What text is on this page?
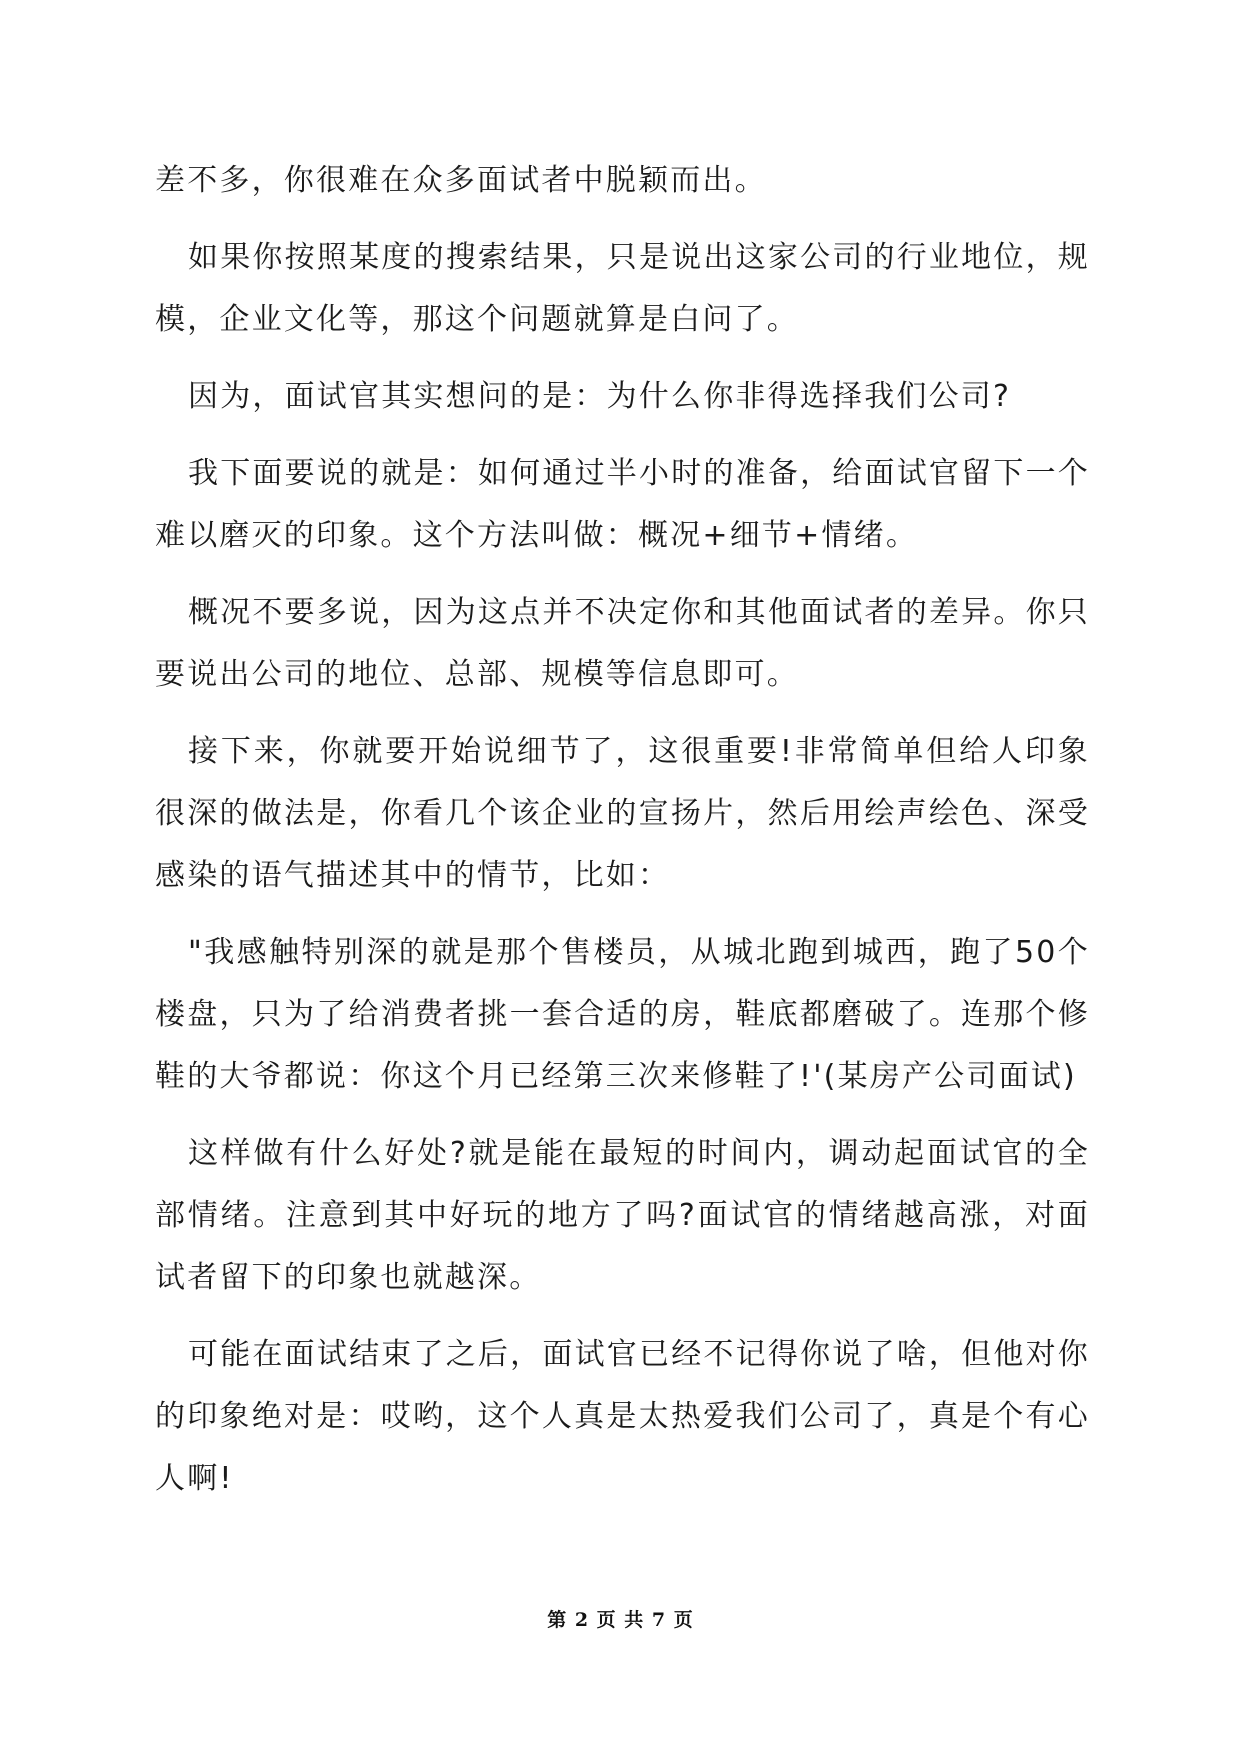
差不多，你很难在众多面试者中脱颖而出。

如果你按照某度的搜索结果，只是说出这家公司的行业地位，规模，企业文化等，那这个问题就算是白问了。

因为，面试官其实想问的是：为什么你非得选择我们公司?

我下面要说的就是：如何通过半小时的准备，给面试官留下一个难以磨灭的印象。这个方法叫做：概况+细节+情绪。

概况不要多说，因为这点并不决定你和其他面试者的差异。你只要说出公司的地位、总部、规模等信息即可。

接下来，你就要开始说细节了，这很重要!非常简单但给人印象很深的做法是，你看几个该企业的宣扬片，然后用绘声绘色、深受感染的语气描述其中的情节，比如：

"我感触特别深的就是那个售楼员，从城北跑到城西，跑了50个楼盘，只为了给消费者挑一套合适的房，鞋底都磨破了。连那个修鞋的大爷都说：你这个月已经第三次来修鞋了!'(某房产公司面试)

这样做有什么好处?就是能在最短的时间内，调动起面试官的全部情绪。注意到其中好玩的地方了吗?面试官的情绪越高涨，对面试者留下的印象也就越深。

可能在面试结束了之后，面试官已经不记得你说了啥，但他对你的印象绝对是：哎哟，这个人真是太热爱我们公司了，真是个有心人啊!

第 2 页 共 7 页
